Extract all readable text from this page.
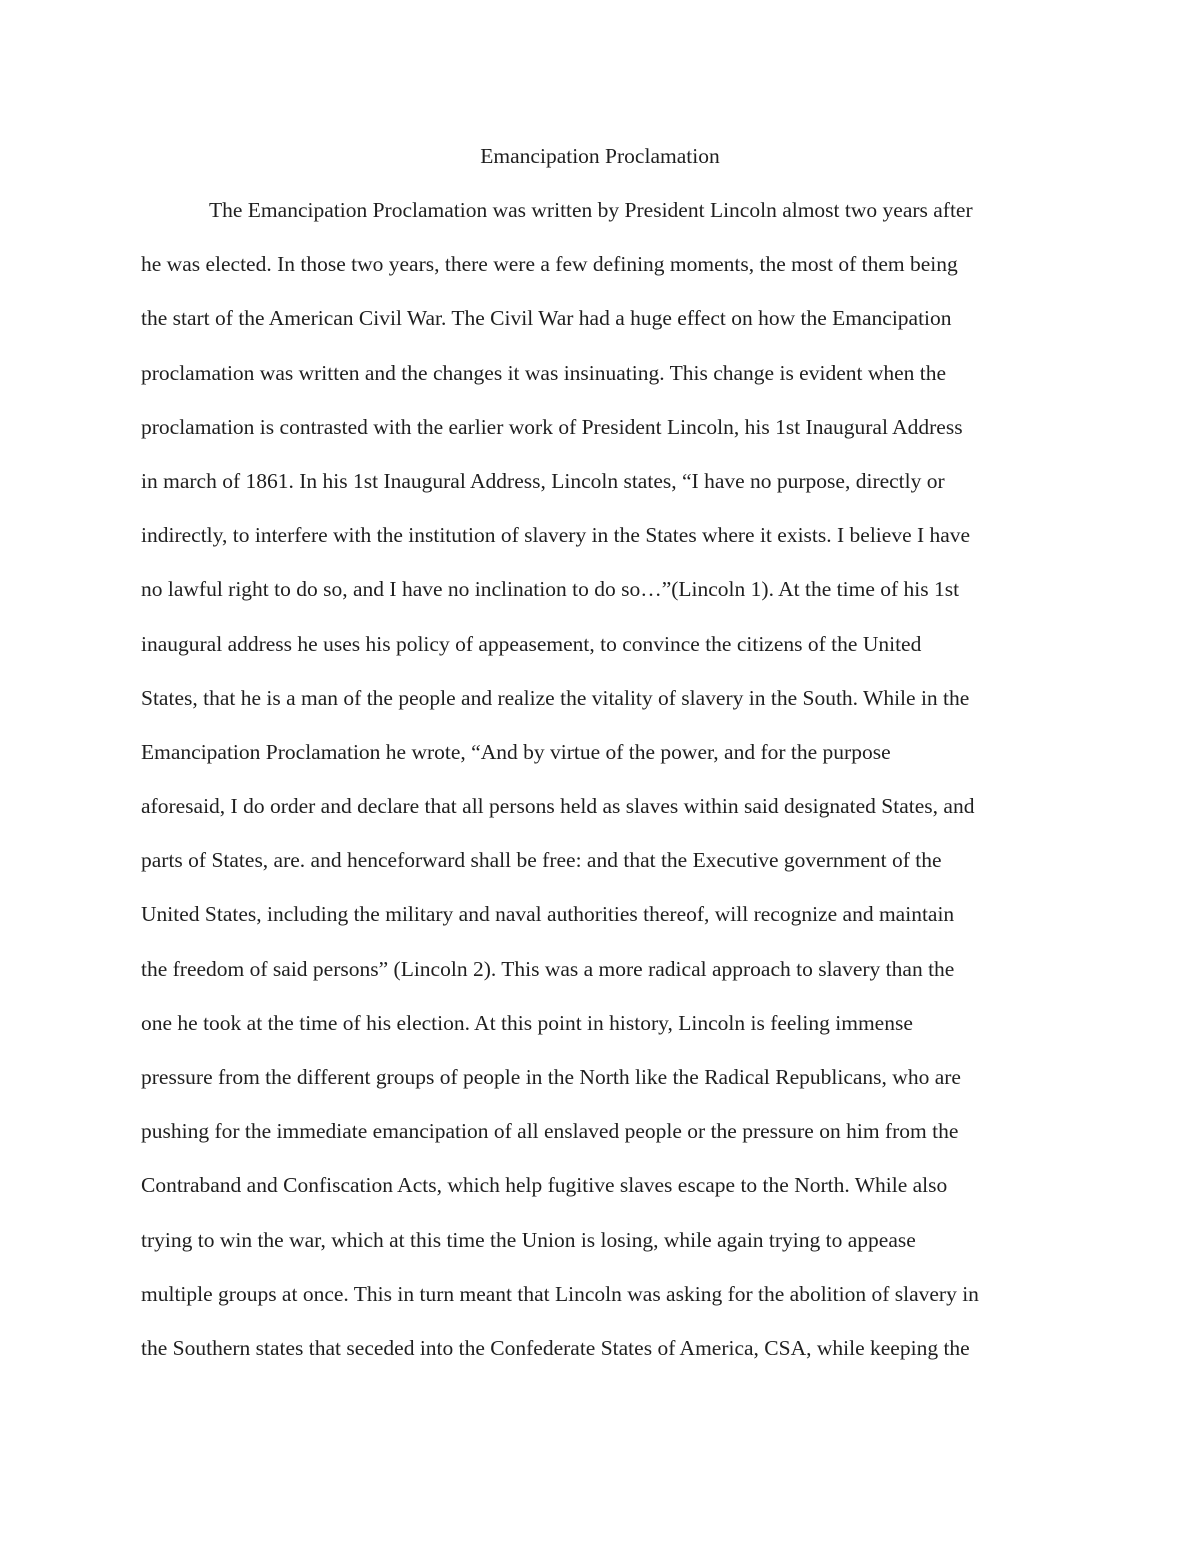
Emancipation Proclamation
The Emancipation Proclamation was written by President Lincoln almost two years after
he was elected. In those two years, there were a few defining moments, the most of them being
the start of the American Civil War. The Civil War had a huge effect on how the Emancipation
proclamation was written and the changes it was insinuating. This change is evident when the
proclamation is contrasted with the earlier work of President Lincoln, his 1st Inaugural Address
in march of 1861. In his 1st Inaugural Address, Lincoln states, “I have no purpose, directly or
indirectly, to interfere with the institution of slavery in the States where it exists. I believe I have
no lawful right to do so, and I have no inclination to do so…”(Lincoln 1). At the time of his 1st
inaugural address he uses his policy of appeasement, to convince the citizens of the United
States, that he is a man of the people and realize the vitality of slavery in the South. While in the
Emancipation Proclamation he wrote, “And by virtue of the power, and for the purpose
aforesaid, I do order and declare that all persons held as slaves within said designated States, and
parts of States, are. and henceforward shall be free: and that the Executive government of the
United States, including the military and naval authorities thereof, will recognize and maintain
the freedom of said persons” (Lincoln 2). This was a more radical approach to slavery than the
one he took at the time of his election. At this point in history, Lincoln is feeling immense
pressure from the different groups of people in the North like the Radical Republicans, who are
pushing for the immediate emancipation of all enslaved people or the pressure on him from the
Contraband and Confiscation Acts, which help fugitive slaves escape to the North. While also
trying to win the war, which at this time the Union is losing, while again trying to appease
multiple groups at once. This in turn meant that Lincoln was asking for the abolition of slavery in
the Southern states that seceded into the Confederate States of America, CSA, while keeping the
